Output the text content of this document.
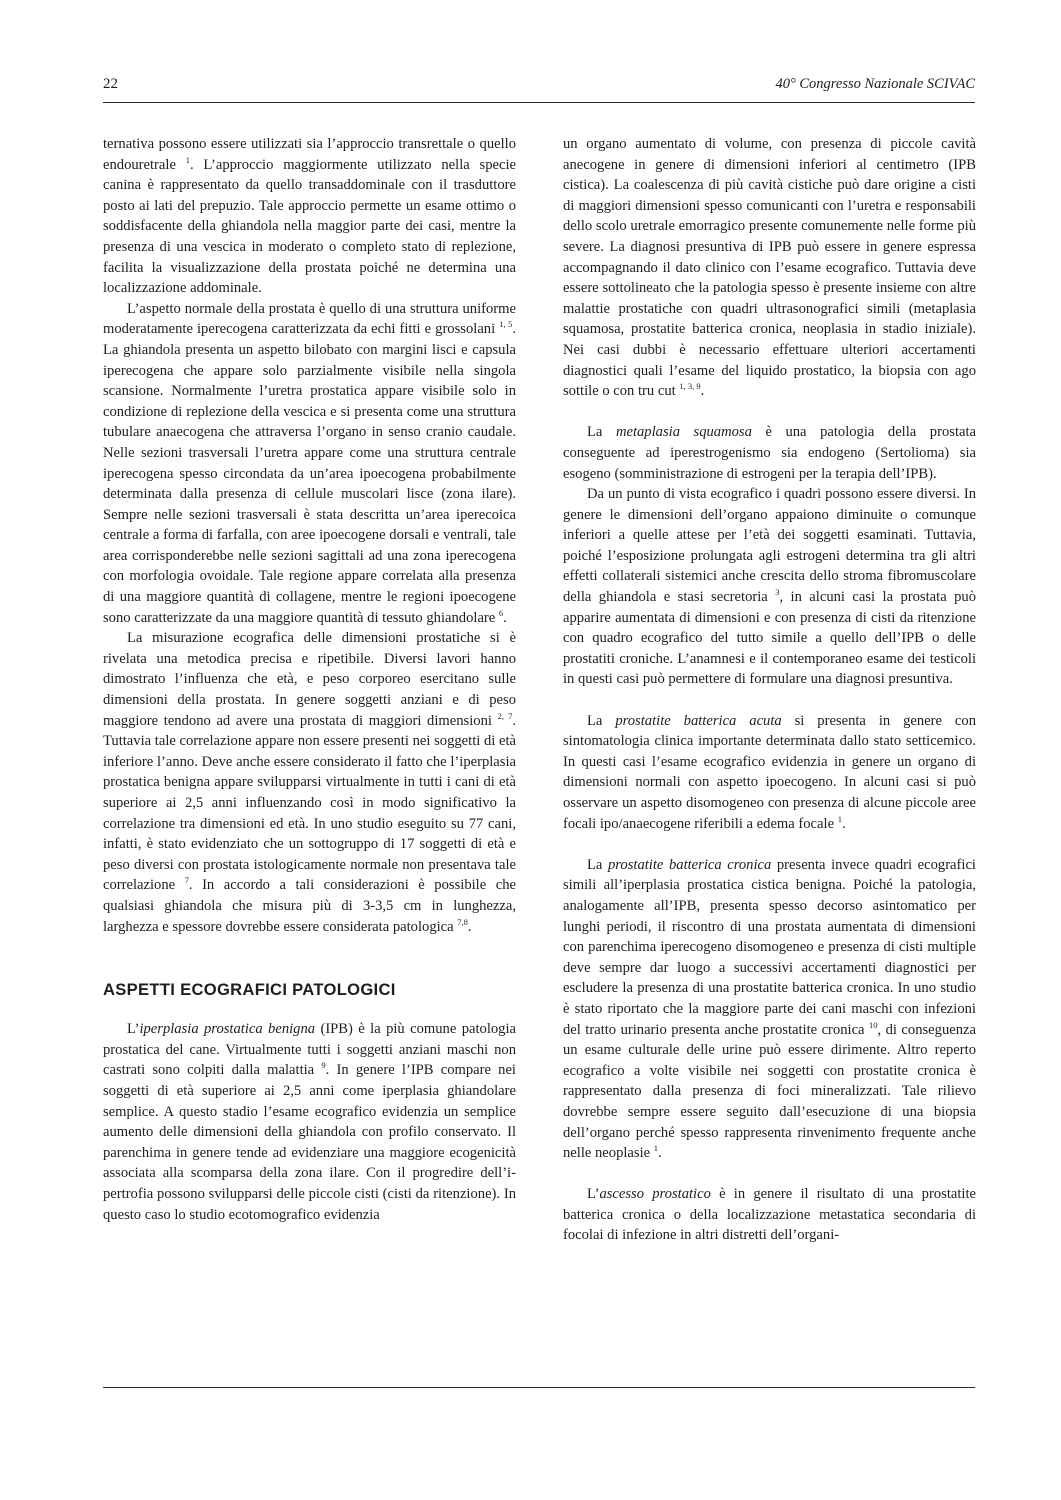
22	40° Congresso Nazionale SCIVAC

ternativa possono essere utilizzati sia l’approccio transrettale o quello endouretrale $^1$. L’approccio maggiormente utilizzato nella specie canina è rappresentato da quello transaddominale con il trasduttore posto ai lati del prepuzio. Tale approccio permette un esame ottimo o soddisfacente della ghiandola nella maggior parte dei casi, mentre la presenza di una vescica in moderato o completo stato di replezione, facilita la visualizzazione della prostata poiché ne determina una localizzazione addominale.

L’aspetto normale della prostata è quello di una struttura uniforme moderatamente iperecogena caratterizzata da echi fitti e grossolani $^{1, 5}$. La ghiandola presenta un aspetto bilobato con margini lisci e capsula iperecogena che appare solo parzialmente visibile nella singola scansione. Normalmente l’uretra prostatica appare visibile solo in condizione di replezione della vescica e si presenta come una struttura tubulare anaecogena che attraversa l’organo in senso cranio caudale. Nelle sezioni trasversali l’uretra appare come una struttura centrale iperecogena spesso circondata da un’area ipoecogena probabilmente determinata dalla presenza di cellule muscolari lisce (zona ilare). Sempre nelle sezioni trasversali è stata descritta un’area iperecoica centrale a forma di farfalla, con aree ipoecogene dorsali e ventrali, tale area corrisponderebbe nelle sezioni sagittali ad una zona iperecogena con morfologia ovoidale. Tale regione appare correlata alla presenza di una maggiore quantità di collagene, mentre le regioni ipoecogene sono caratterizzate da una maggiore quantità di tessuto ghiandolare $^6$.

La misurazione ecografica delle dimensioni prostatiche si è rivelata una metodica precisa e ripetibile. Diversi lavori hanno dimostrato l’influenza che età, e peso corporeo esercitano sulle dimensioni della prostata. In genere soggetti anziani e di peso maggiore tendono ad avere una prostata di maggiori dimensioni $^{2, 7}$. Tuttavia tale correlazione appare non essere presenti nei soggetti di età inferiore l’anno. Deve anche essere considerato il fatto che l’iperplasia prostatica benigna appare svilupparsi virtualmente in tutti i cani di età superiore ai 2,5 anni influenzando così in modo significativo la correlazione tra dimensioni ed età. In uno studio eseguito su 77 cani, infatti, è stato evidenziato che un sottogruppo di 17 soggetti di età e peso diversi con prostata istologicamente normale non presentava tale correlazione $^7$. In accordo a tali considerazioni è possibile che qualsiasi ghiandola che misura più di 3-3,5 cm in lunghezza, larghezza e spessore dovrebbe essere considerata patologica $^{7,8}$.

ASPETTI ECOGRAFICI PATOLOGICI

L’iperplasia prostatica benigna (IPB) è la più comune patologia prostatica del cane. Virtualmente tutti i soggetti anziani maschi non castrati sono colpiti dalla malattia $^9$. In genere l’IPB compare nei soggetti di età superiore ai 2,5 anni come iperplasia ghiandolare semplice. A questo stadio l’esame ecografico evidenzia un semplice aumento delle dimensioni della ghiandola con profilo conservato. Il parenchima in genere tende ad evidenziare una maggiore ecogenicità associata alla scomparsa della zona ilare. Con il progredire dell’ipertrofia possono svilupparsi delle piccole cisti (cisti da ritenzione). In questo caso lo studio ecotomografico evidenzia

un organo aumentato di volume, con presenza di piccole cavità anecogene in genere di dimensioni inferiori al centimetro (IPB cistica). La coalescenza di più cavità cistiche può dare origine a cisti di maggiori dimensioni spesso comunicanti con l’uretra e responsabili dello scolo uretrale emorragico presente comunemente nelle forme più severe. La diagnosi presuntiva di IPB può essere in genere espressa accompagnando il dato clinico con l’esame ecografico. Tuttavia deve essere sottolineato che la patologia spesso è presente insieme con altre malattie prostatiche con quadri ultrasonografici simili (metaplasia squamosa, prostatite batterica cronica, neoplasia in stadio iniziale). Nei casi dubbi è necessario effettuare ulteriori accertamenti diagnostici quali l’esame del liquido prostatico, la biopsia con ago sottile o con tru cut $^{1, 3, 9}$.

La metaplasia squamosa è una patologia della prostata conseguente ad iperestrogenismo sia endogeno (Sertolioma) sia esogeno (somministrazione di estrogeni per la terapia dell’IPB).

Da un punto di vista ecografico i quadri possono essere diversi. In genere le dimensioni dell’organo appaiono diminuite o comunque inferiori a quelle attese per l’età dei soggetti esaminati. Tuttavia, poiché l’esposizione prolungata agli estrogeni determina tra gli altri effetti collaterali sistemici anche crescita dello stroma fibromuscolare della ghiandola e stasi secretoria $^3$, in alcuni casi la prostata può apparire aumentata di dimensioni e con presenza di cisti da ritenzione con quadro ecografico del tutto simile a quello dell’IPB o delle prostatiti croniche. L’anamnesi e il contemporaneo esame dei testicoli in questi casi può permettere di formulare una diagnosi presuntiva.

La prostatite batterica acuta si presenta in genere con sintomatologia clinica importante determinata dallo stato setticemico. In questi casi l’esame ecografico evidenzia in genere un organo di dimensioni normali con aspetto ipoecogeno. In alcuni casi si può osservare un aspetto disomogeneo con presenza di alcune piccole aree focali ipo/anaecogene riferibili a edema focale $^1$.

La prostatite batterica cronica presenta invece quadri ecografici simili all’iperplasia prostatica cistica benigna. Poiché la patologia, analogamente all’IPB, presenta spesso decorso asintomatico per lunghi periodi, il riscontro di una prostata aumentata di dimensioni con parenchima iperecogeno disomogeneo e presenza di cisti multiple deve sempre dar luogo a successivi accertamenti diagnostici per escludere la presenza di una prostatite batterica cronica. In uno studio è stato riportato che la maggiore parte dei cani maschi con infezioni del tratto urinario presenta anche prostatite cronica $^{10}$, di conseguenza un esame culturale delle urine può essere dirimente. Altro reperto ecografico a volte visibile nei soggetti con prostatite cronica è rappresentato dalla presenza di foci mineralizzati. Tale rilievo dovrebbe sempre essere seguito dall’esecuzione di una biopsia dell’organo perché spesso rappresenta rinvenimento frequente anche nelle neoplasie $^1$.

L’ascesso prostatico è in genere il risultato di una prostatite batterica cronica o della localizzazione metastatica secondaria di focolai di infezione in altri distretti dell’organi-
